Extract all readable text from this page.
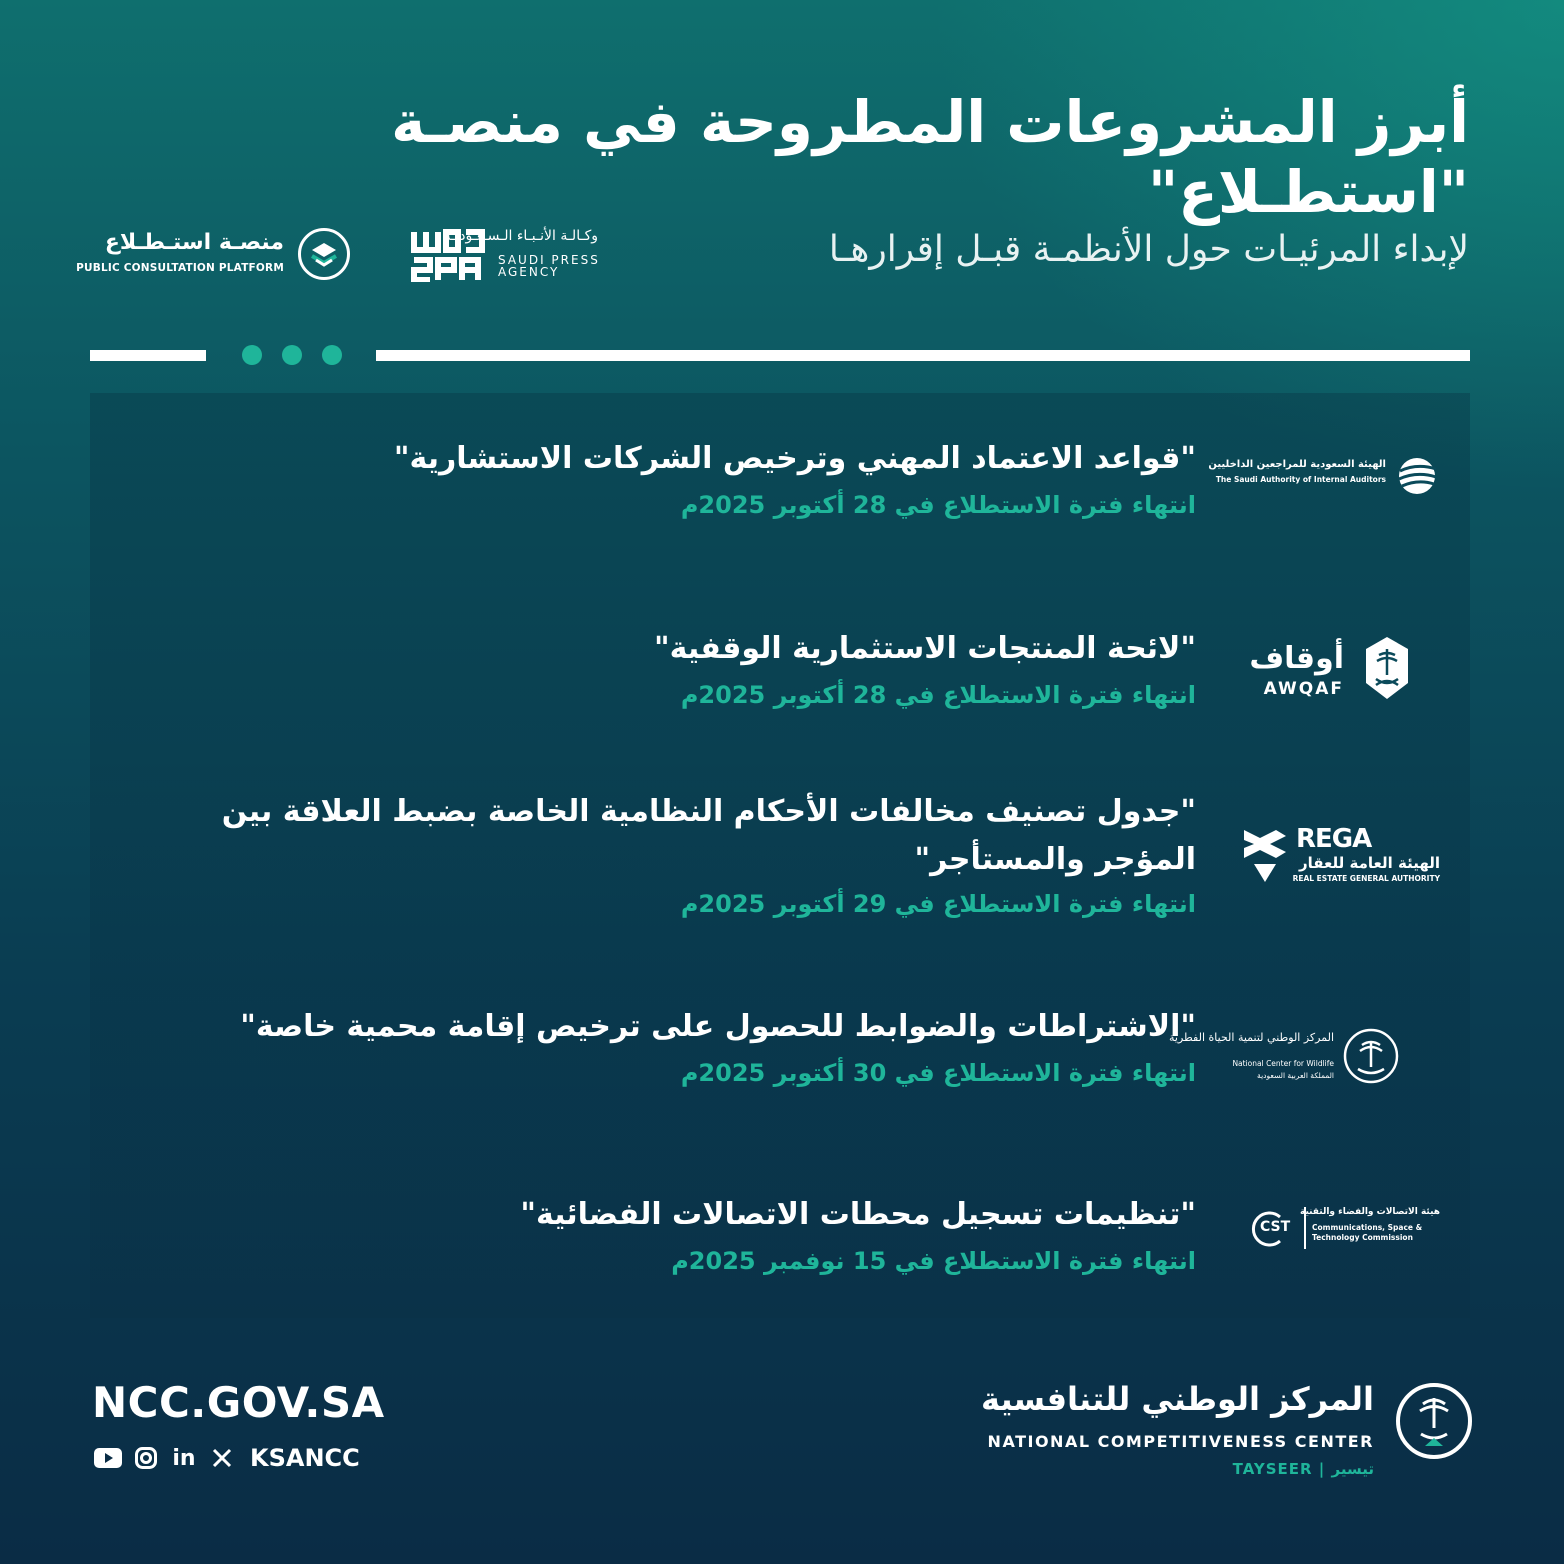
أبرز المشروعات المطروحة في منصـة "استطـلاع"
لإبداء المرئيـات حول الأنظمـة قبـل إقرارهـا
منصـة استـطـلاع
PUBLIC CONSULTATION PLATFORM
وكـالـة الأنـبـاء الـسـعـوديـة
SAUDI PRESS AGENCY
"قواعد الاعتماد المهني وترخيص الشركات الاستشارية"
انتهاء فترة الاستطلاع في 28 أكتوبر 2025م
الهيئة السعودية للمراجعين الداخليين
The Saudi Authority of Internal Auditors
"لائحة المنتجات الاستثمارية الوقفية"
انتهاء فترة الاستطلاع في 28 أكتوبر 2025م
أوقاف
AWQAF
"جدول تصنيف مخالفات الأحكام النظامية الخاصة بضبط العلاقة بين المؤجر والمستأجر"
انتهاء فترة الاستطلاع في 29 أكتوبر 2025م
REGA
الهيئة العامة للعقار
REAL ESTATE GENERAL AUTHORITY
"الاشتراطات والضوابط للحصول على ترخيص إقامة محمية خاصة"
انتهاء فترة الاستطلاع في 30 أكتوبر 2025م
المركز الوطني لتنمية الحياة الفطرية
National Center for Wildlife
المملكة العربية السعودية
"تنظيمات تسجيل محطات الاتصالات الفضائية"
انتهاء فترة الاستطلاع في 15 نوفمبر 2025م
CST
هيئة الاتصالات والفضاء والتقنية
Communications, Space & Technology Commission
NCC.GOV.SA
in KSANCC
المركز الوطني للتنافسية
NATIONAL COMPETITIVENESS CENTER
TAYSEER | تيسير
